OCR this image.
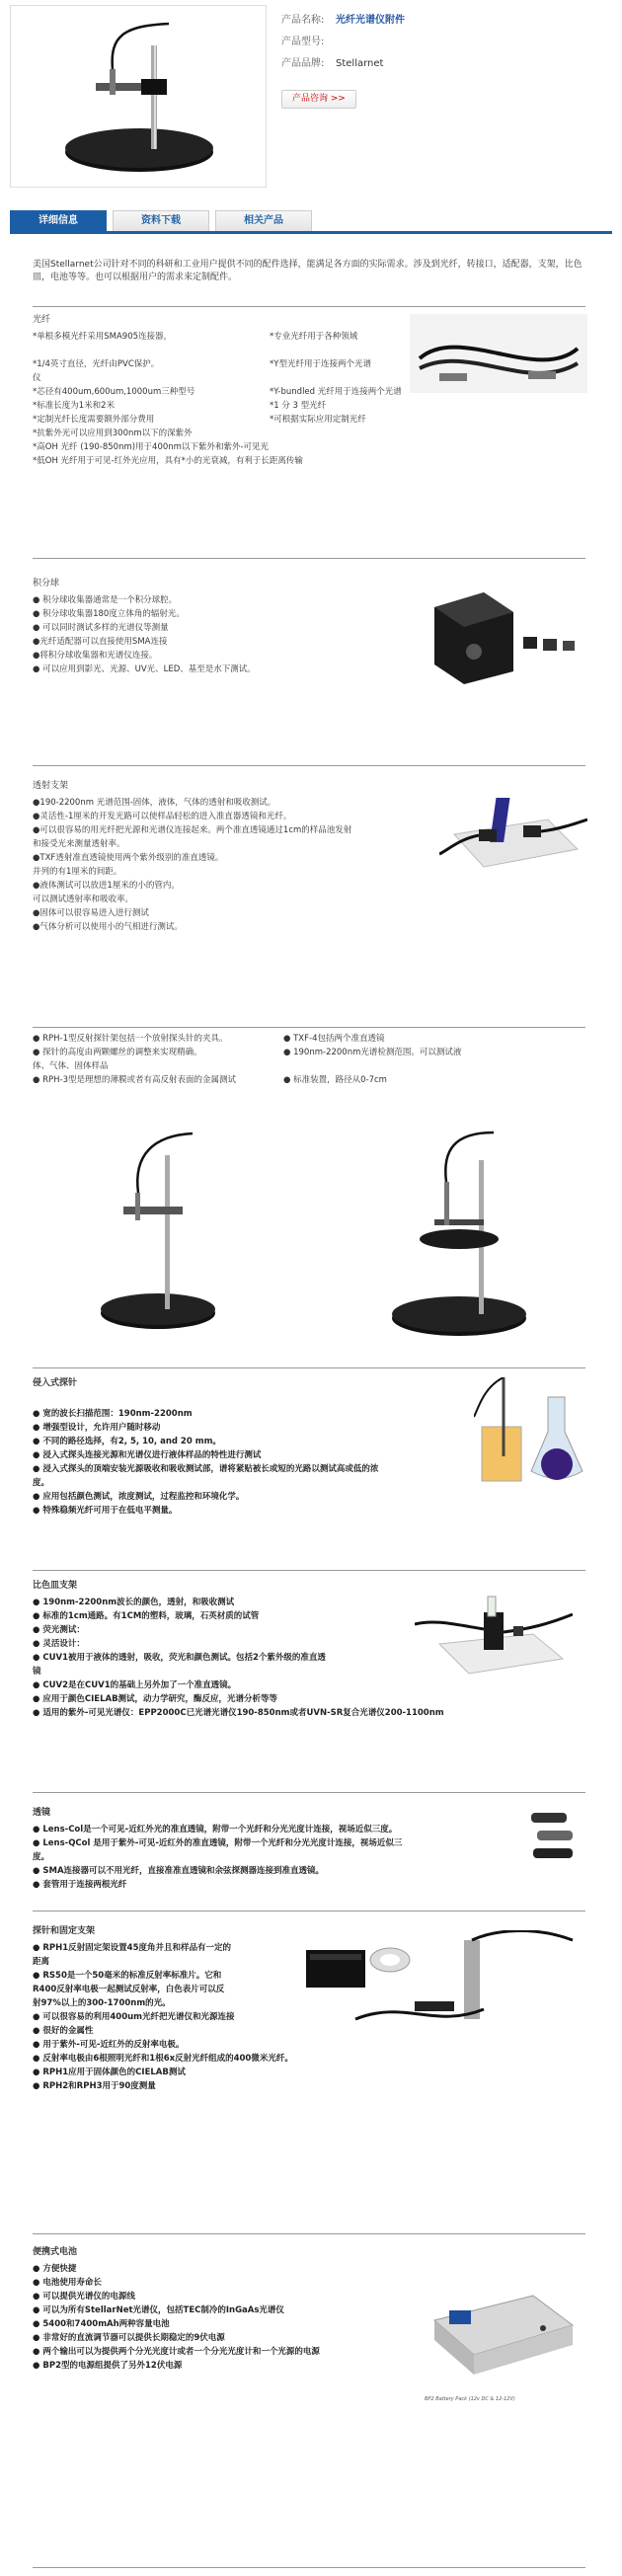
产品名称:	光纤光谱仪附件
产品型号:
产品品牌:	Stellarnet
产品咨询 >>
详细信息	资料下载	相关产品
美国Stellarnet公司针对不同的科研和工业用户提供不同的配件选择，能满足各方面的实际需求。涉及到光纤，转接口，适配器，支架，比色皿，电池等等。也可以根据用户的需求来定制配件。
光纤

*单根多模光纤采用SMA905连接器，

*1/4英寸直径，光纤由PVC保护。

仪

*芯径有400um,600um,1000um三种型号

*标准长度为1米和2米

*定制光纤长度需要额外部分费用

*专业光纤用于各种领域

*Y型光纤用于连接两个光谱

*Y-bundled 光纤用于连接两个光谱

*1 分 3 型光纤

*可根据实际应用定制光纤

*抗紫外光可以应用到300nm以下的深紫外

*高OH 光纤 (190-850nm)用于400nm以下紫外和紫外-可见光

*低OH 光纤用于可见-红外光应用，具有*小的光衰减，有利于长距离传输

积分球

● 积分球收集器通常是一个积分球腔。

● 积分球收集器180度立体角的辐射光。

● 可以同时测试多样的光谱仪等测量

●光纤适配器可以直接使用SMA连接

●将积分球收集器和光谱仪连接。

● 可以应用到影光、光源、UV光、LED、基至是水下测试。

透射支架

●190-2200nm 光谱范围-固体，液体，气体的透射和吸收测试。

●灵活性-1厘米的开发光路可以使样品轻松的进入准直器透镜和光纤。

●可以很容易的用光纤把光源和光谱仪连接起来。两个准直透镜通过1cm的样品池发射

和接受光来测量透射率。

●TXF透射准直透镜使用两个紫外级别的准直透镜。

并列的有1厘米的间距。

●液体测试可以放进1厘米的小的管内。

可以测试透射率和吸收率。

●固体可以很容易进入进行测试

●气体分析可以使用小的气相进行测试。

● RPH-1型反射探针架包括一个放射探头针的夹具。

● 探针的高度由两颗螺丝的调整来实现精确。

体、气体、固体样品

● RPH-3型是理想的薄膜或者有高反射表面的金属测试

● TXF-4包括两个准直透镜

● 190nm-2200nm光谱检测范围。可以测试液

● 标准装置，路径从0-7cm

侵入式探针

● 宽的波长扫描范围：190nm-2200nm

● 增强型设计，允许用户随时移动

● 不同的路径选择，有2, 5, 10, and 20 mm。

● 浸入式探头连接光源和光谱仪进行液体样品的特性进行测试

● 浸入式探头的顶端安装光源吸收和吸收测试部，谱将紧贴被长或短的光路以测试高或低的浓

度。

● 应用包括颜色测试，浓度测试，过程监控和环境化学。

● 特殊稳频光纤可用于在低电平测量。

比色皿支架

● 190nm-2200nm波长的颜色，透射，和吸收测试

● 标准的1cm通路。有1CM的塑料，玻璃，石英材质的试管

● 荧光测试：

● 灵活设计：

● CUV1被用于液体的透射，吸收，荧光和颜色测试。包括2个紫外级的准直透

镜

● CUV2是在CUV1的基础上另外加了一个准直透镜。

● 应用于颜色CIELAB测试，动力学研究，酶反应，光谱分析等等

● 适用的紫外-可见光谱仪：EPP2000C已光谱光谱仪190-850nm或者UVN-SR复合光谱仪200-1100nm

透镜

● Lens-Col是一个可见-近红外光的准直透镜，附带一个光纤和分光光度计连接，视场近似三度。

● Lens-QCol 是用于紫外-可见-近红外的准直透镜，附带一个光纤和分光光度计连接，视场近似三

度。

● SMA连接器可以不用光纤，直接准准直透镜和余弦探测器连接到准直透镜。

● 套管用于连接两根光纤

探针和固定支架

● RPH1反射固定架设置45度角并且和样品有一定的

距离

● RS50是一个50毫米的标准反射率标准片。它和

R400反射率电极一起测试反射率，白色表片可以反

射97%以上的300-1700nm的光。

● 可以很容易的利用400um光纤把光谱仪和光源连接

● 很好的金属性

● 用于紫外-可见-近红外的反射率电极。

● 反射率电极由6根照明光纤和1根6x反射光纤组成的400微米光纤。

● RPH1应用于固体颜色的CIELAB测试

● RPH2和RPH3用于90度测量

便携式电池

● 方便快捷

● 电池使用寿命长

● 可以提供光谱仪的电源线

● 可以为所有StellarNet光谱仪，包括TEC制冷的InGaAs光谱仪

● 5400和7400mAh两种容量电池

● 非常好的直流调节器可以提供长期稳定的9伏电源

● 两个输出可以为提供两个分光光度计或者一个分光光度计和一个光源的电源

● BP2型的电源组提供了另外12伏电源

BP2 Battery Pack (12v DC & 12-12V)
